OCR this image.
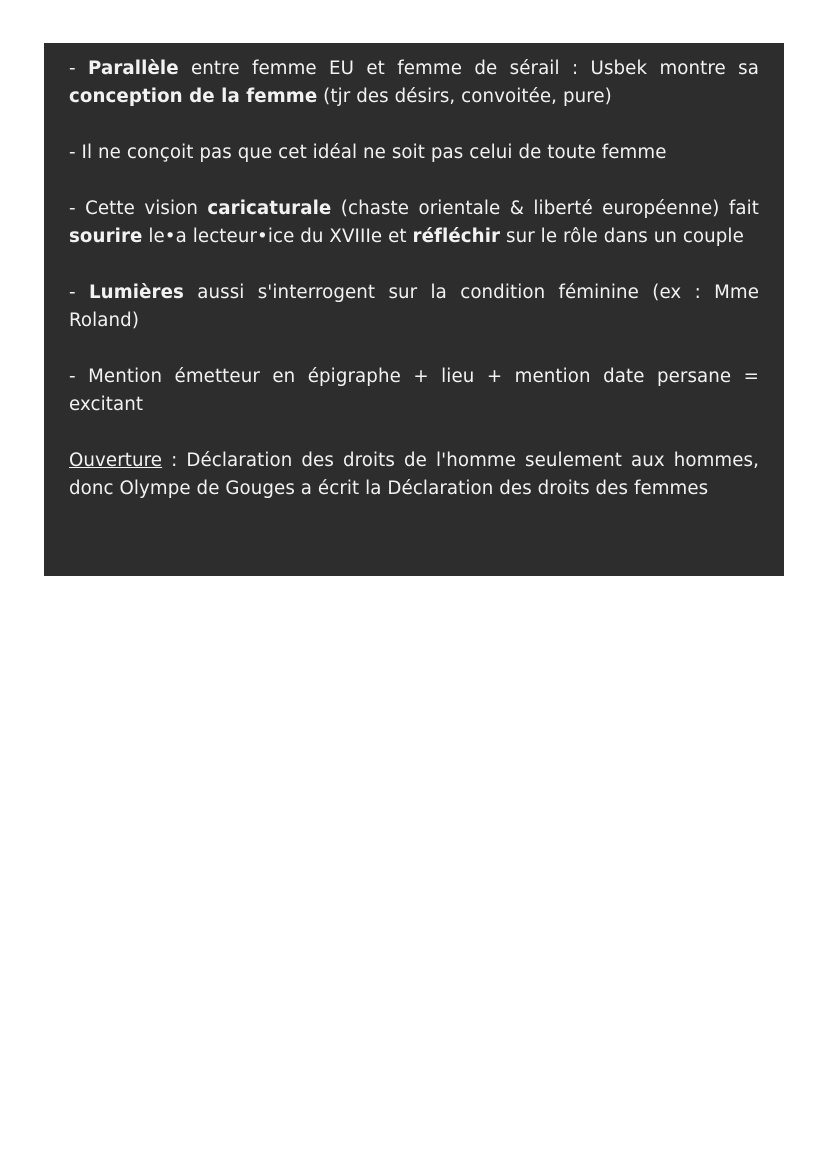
- Parallèle entre femme EU et femme de sérail : Usbek montre sa conception de la femme (tjr des désirs, convoitée, pure)

- Il ne conçoit pas que cet idéal ne soit pas celui de toute femme

- Cette vision caricaturale (chaste orientale & liberté européenne) fait sourire le•a lecteur•ice du XVIIIe et réfléchir sur le rôle dans un couple

- Lumières aussi s'interrogent sur la condition féminine (ex : Mme Roland)

- Mention émetteur en épigraphe + lieu + mention date persane = excitant

Ouverture : Déclaration des droits de l'homme seulement aux hommes, donc Olympe de Gouges a écrit la Déclaration des droits des femmes
